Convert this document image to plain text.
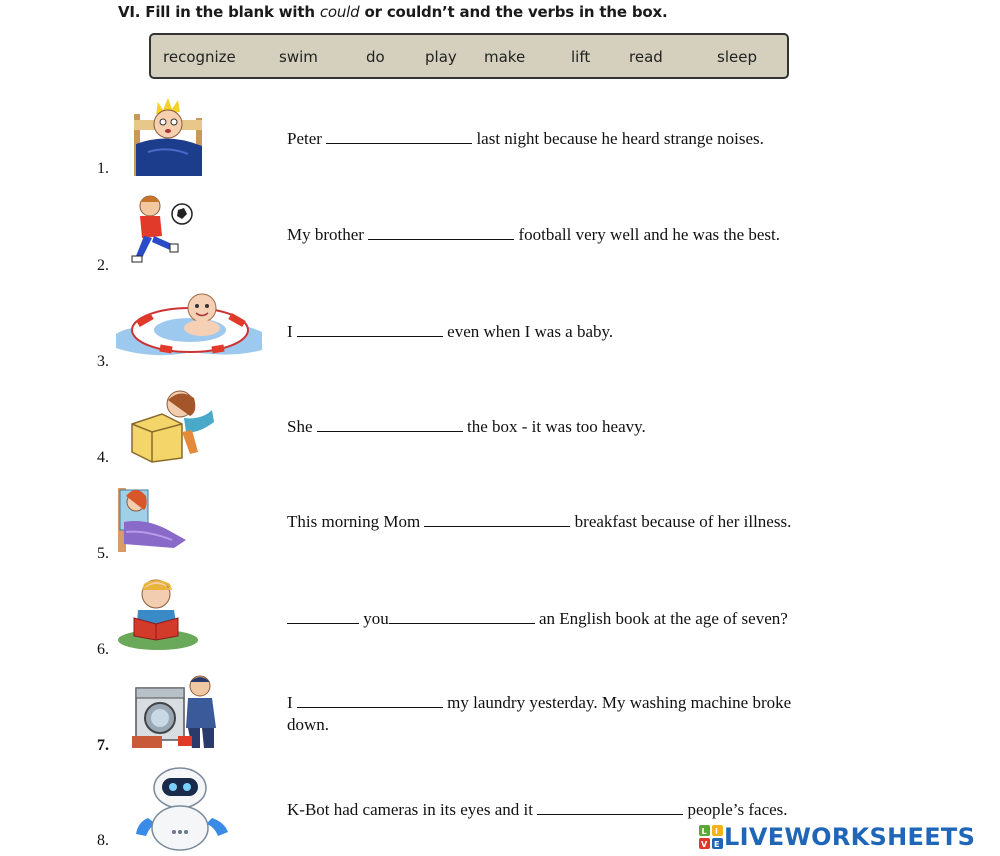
VI. Fill in the blank with could or couldn’t and the verbs in the box.
recognize	swim	do	play make	lift	read	sleep
1.
Peter	last night because he heard strange noises.
2.
My brother	football very well and he was the best.
3.
I	even when I was a baby.
4.
She	the box - it was too heavy.
5.
This morning Mom	breakfast because of her illness.
6.
you	an English book at the age of seven?
7.
I	my laundry yesterday. My washing machine broke
down.
8.
K-Bot had cameras in its eyes and it	people’s faces.
L I
V E LIVEWORKSHEETS
